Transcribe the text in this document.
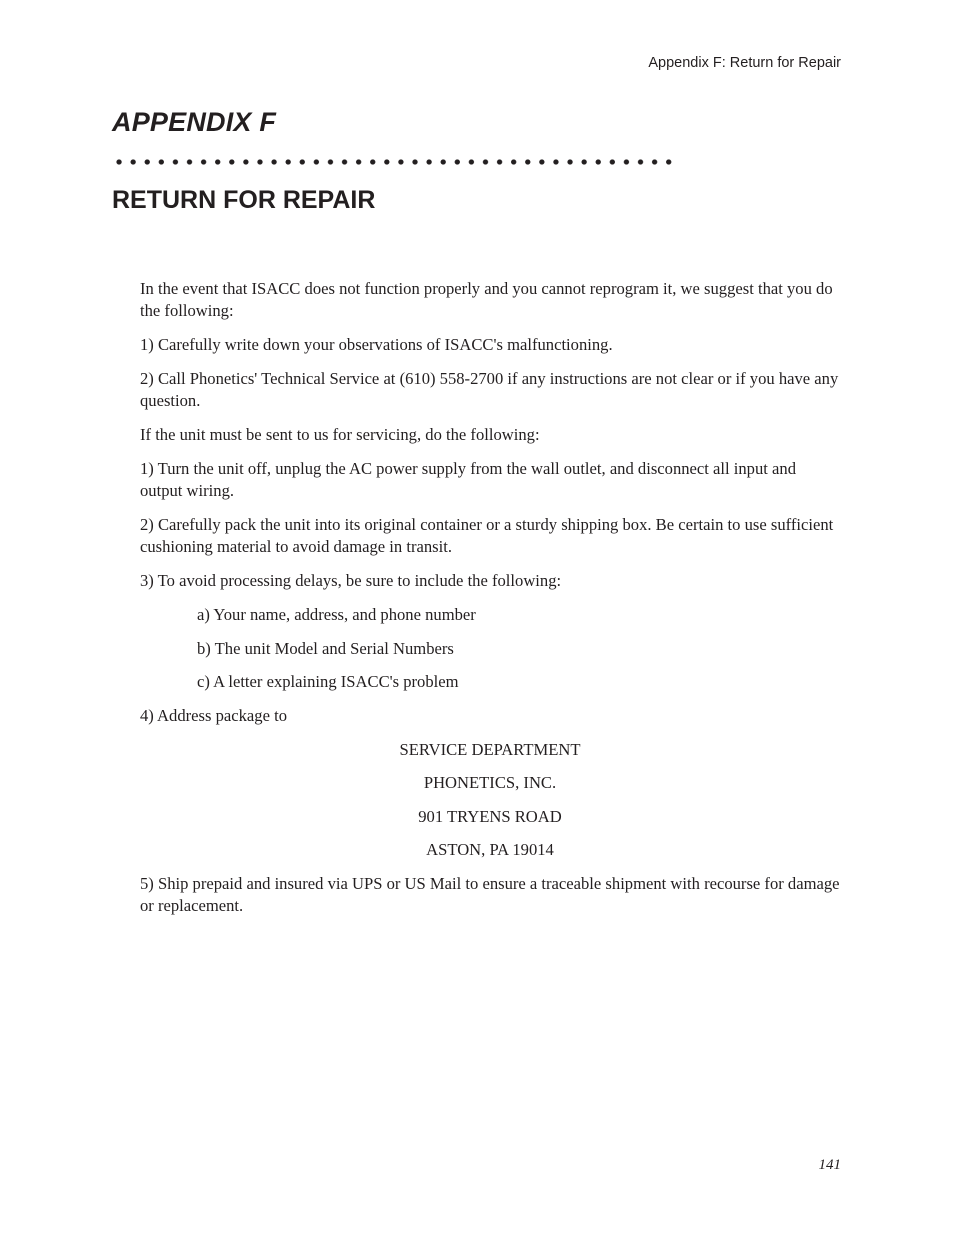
Appendix F: Return for Repair
APPENDIX F
RETURN FOR REPAIR

In the event that ISACC does not function properly and you cannot reprogram it, we suggest that you do the following:

1) Carefully write down your observations of ISACC's malfunctioning.

2) Call Phonetics' Technical Service at (610) 558-2700 if any instructions are not clear or if you have any question.

If the unit must be sent to us for servicing, do the following:

1) Turn the unit off, unplug the AC power supply from the wall outlet, and disconnect all input and output wiring.

2) Carefully pack the unit into its original container or a sturdy shipping box. Be certain to use sufficient cushioning material to avoid damage in transit.

3) To avoid processing delays, be sure to include the following:

a) Your name, address, and phone number

b) The unit Model and Serial Numbers

c) A letter explaining ISACC's problem

4) Address package to

SERVICE DEPARTMENT

PHONETICS, INC.

901 TRYENS ROAD

ASTON, PA 19014

5) Ship prepaid and insured via UPS or US Mail to ensure a traceable shipment with recourse for damage or replacement.

141
